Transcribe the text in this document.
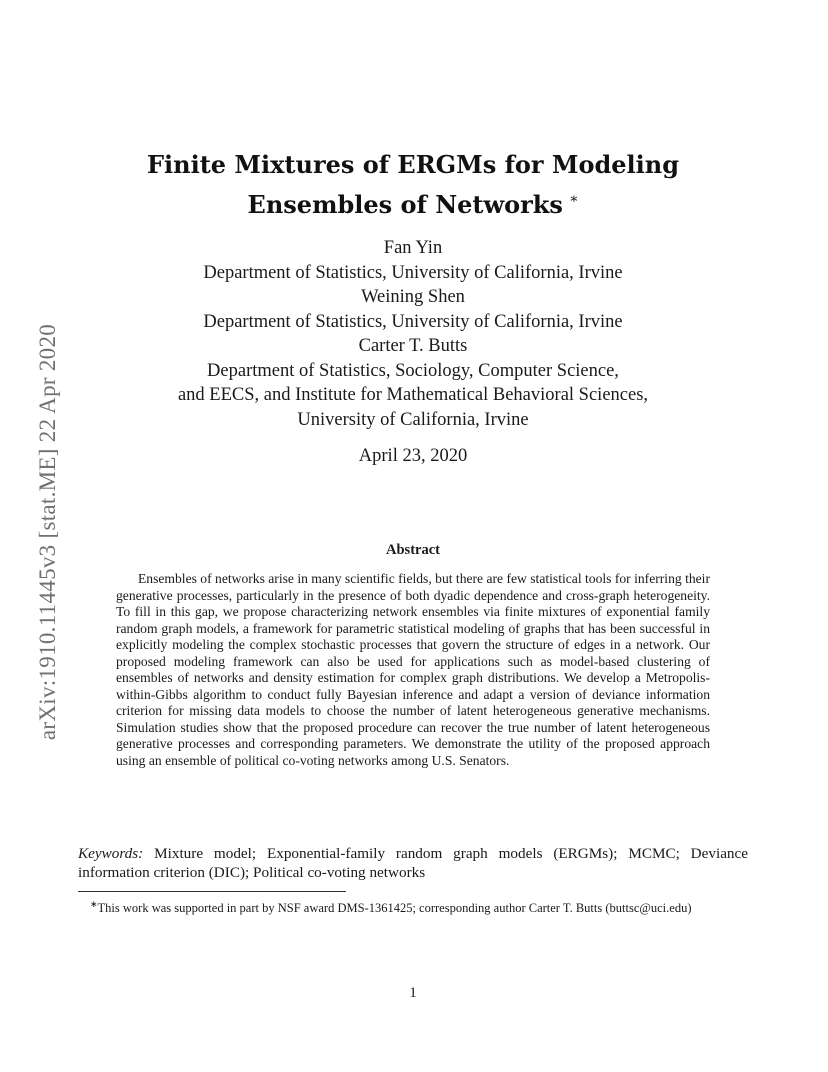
arXiv:1910.11445v3 [stat.ME] 22 Apr 2020
Finite Mixtures of ERGMs for Modeling
Ensembles of Networks ∗
Fan Yin
Department of Statistics, University of California, Irvine
Weining Shen
Department of Statistics, University of California, Irvine
Carter T. Butts
Department of Statistics, Sociology, Computer Science,
and EECS, and Institute for Mathematical Behavioral Sciences,
University of California, Irvine
April 23, 2020
Abstract
Ensembles of networks arise in many scientific fields, but there are few statistical tools for inferring their generative processes, particularly in the presence of both dyadic dependence and cross-graph heterogeneity. To fill in this gap, we propose characterizing network ensembles via finite mixtures of exponential family random graph models, a framework for parametric statistical modeling of graphs that has been successful in explicitly modeling the complex stochastic processes that govern the structure of edges in a network. Our proposed modeling framework can also be used for applications such as model-based clustering of ensembles of networks and density estimation for complex graph distributions. We develop a Metropolis-within-Gibbs algorithm to conduct fully Bayesian inference and adapt a version of deviance information criterion for missing data models to choose the number of latent heterogeneous generative mechanisms. Simulation studies show that the proposed procedure can recover the true number of latent heterogeneous generative processes and corresponding parameters. We demonstrate the utility of the proposed approach using an ensemble of political co-voting networks among U.S. Senators.
Keywords: Mixture model; Exponential-family random graph models (ERGMs); MCMC; Deviance information criterion (DIC); Political co-voting networks
∗This work was supported in part by NSF award DMS-1361425; corresponding author Carter T. Butts (buttsc@uci.edu)
1
